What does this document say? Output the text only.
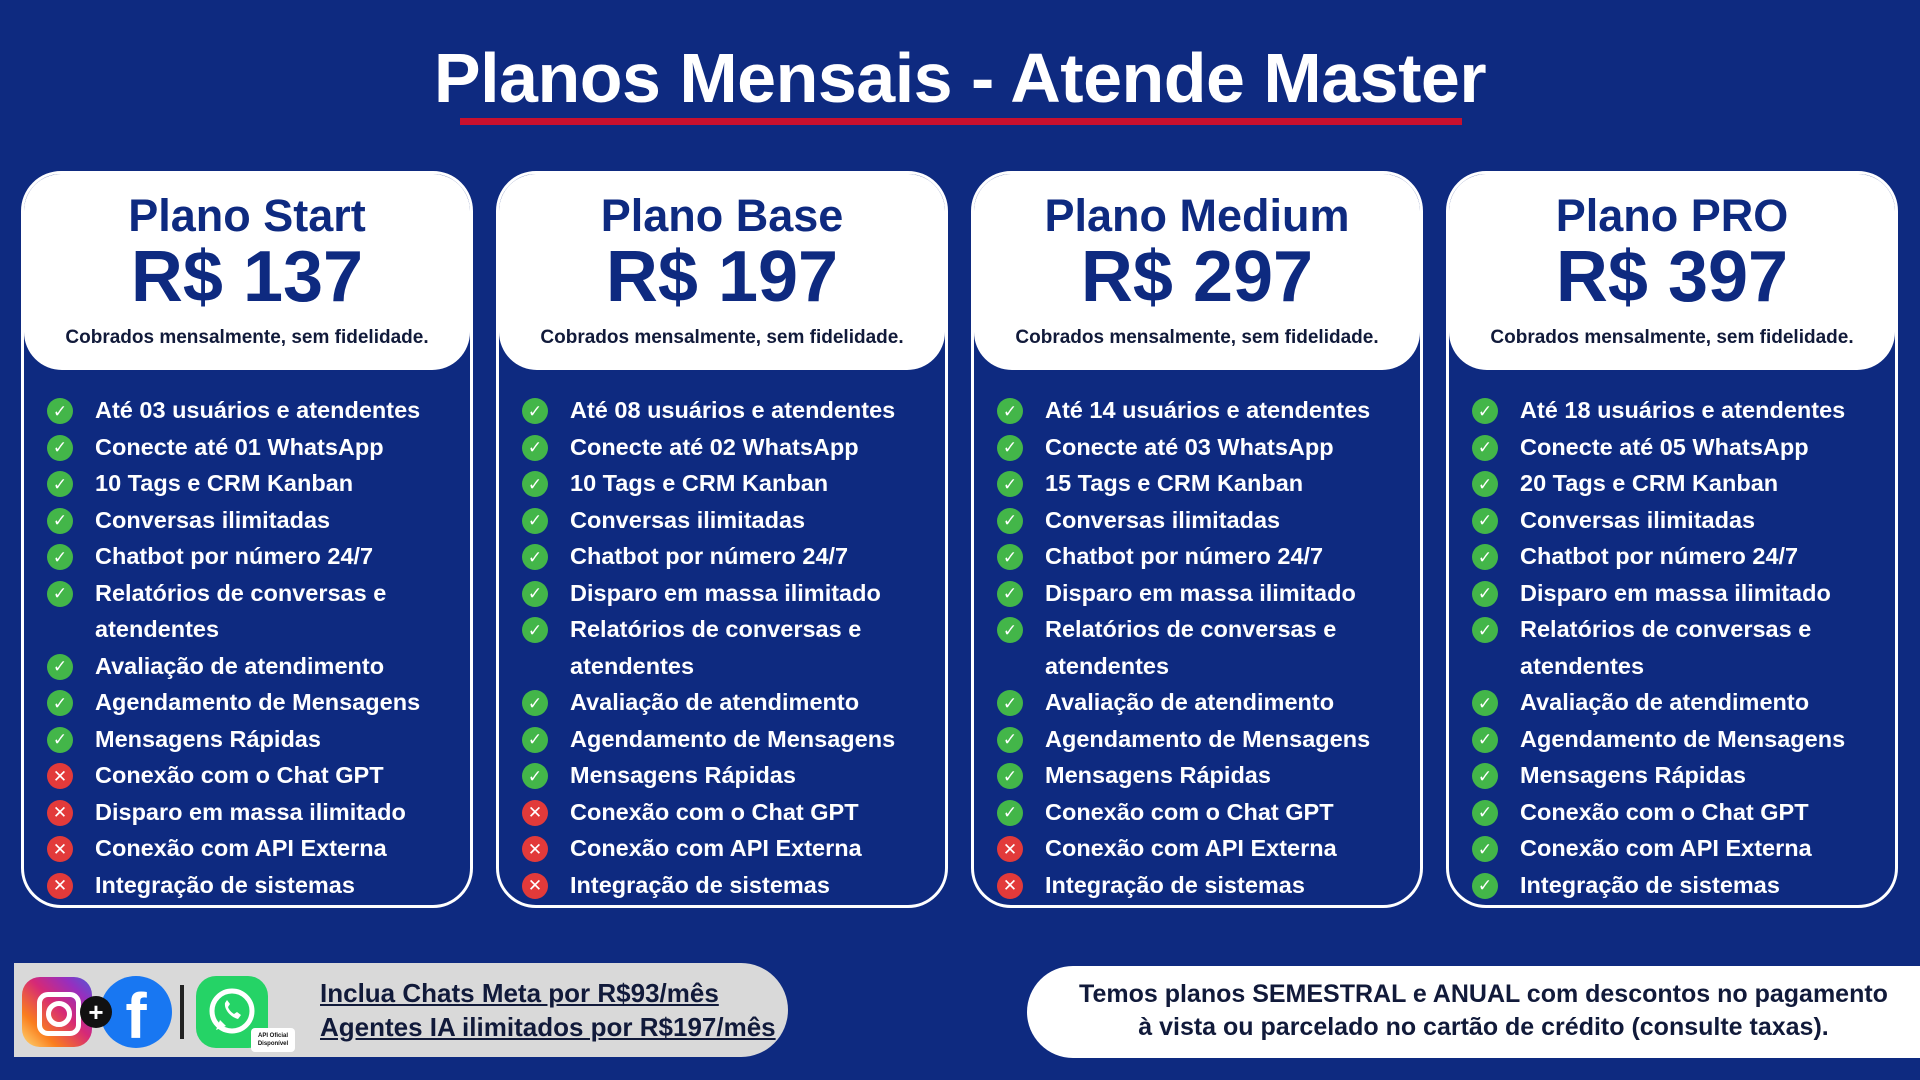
Planos Mensais - Atende Master
Plano Start
R$ 137
Cobrados mensalmente, sem fidelidade.
✓ Até 03 usuários e atendentes
✓ Conecte até 01 WhatsApp
✓ 10 Tags e CRM Kanban
✓ Conversas ilimitadas
✓ Chatbot por número 24/7
✓ Relatórios de conversas e atendentes
✓ Avaliação de atendimento
✓ Agendamento de Mensagens
✓ Mensagens Rápidas
✕ Conexão com o Chat GPT
✕ Disparo em massa ilimitado
✕ Conexão com API Externa
✕ Integração de sistemas
Plano Base
R$ 197
Cobrados mensalmente, sem fidelidade.
✓ Até 08 usuários e atendentes
✓ Conecte até 02 WhatsApp
✓ 10 Tags e CRM Kanban
✓ Conversas ilimitadas
✓ Chatbot por número 24/7
✓ Disparo em massa ilimitado
✓ Relatórios de conversas e atendentes
✓ Avaliação de atendimento
✓ Agendamento de Mensagens
✓ Mensagens Rápidas
✕ Conexão com o Chat GPT
✕ Conexão com API Externa
✕ Integração de sistemas
Plano Medium
R$ 297
Cobrados mensalmente, sem fidelidade.
✓ Até 14 usuários e atendentes
✓ Conecte até 03 WhatsApp
✓ 15 Tags e CRM Kanban
✓ Conversas ilimitadas
✓ Chatbot por número 24/7
✓ Disparo em massa ilimitado
✓ Relatórios de conversas e atendentes
✓ Avaliação de atendimento
✓ Agendamento de Mensagens
✓ Mensagens Rápidas
✓ Conexão com o Chat GPT
✕ Conexão com API Externa
✕ Integração de sistemas
Plano PRO
R$ 397
Cobrados mensalmente, sem fidelidade.
✓ Até 18 usuários e atendentes
✓ Conecte até 05 WhatsApp
✓ 20 Tags e CRM Kanban
✓ Conversas ilimitadas
✓ Chatbot por número 24/7
✓ Disparo em massa ilimitado
✓ Relatórios de conversas e atendentes
✓ Avaliação de atendimento
✓ Agendamento de Mensagens
✓ Mensagens Rápidas
✓ Conexão com o Chat GPT
✓ Conexão com API Externa
✓ Integração de sistemas
+ f	API Oficial Disponível
Inclua Chats Meta por R$93/mês
Agentes IA ilimitados por R$197/mês
Temos planos SEMESTRAL e ANUAL com descontos no pagamento
à vista ou parcelado no cartão de crédito (consulte taxas).
